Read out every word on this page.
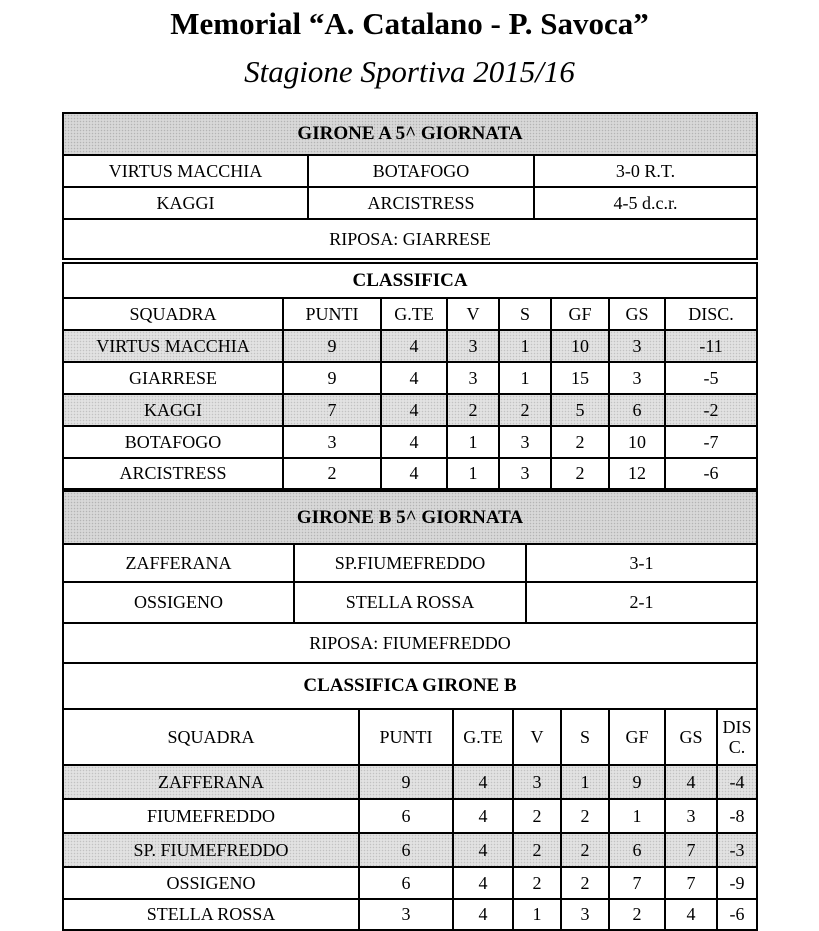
Memorial “A. Catalano - P. Savoca”
Stagione Sportiva 2015/16
GIRONE A 5^ GIORNATA		
VIRTUS MACCHIA	BOTAFOGO	3-0 R.T.
KAGGI	ARCISTRESS	4-5 d.c.r.
RIPOSA: GIARRESE		
CLASSIFICA							
SQUADRA	PUNTI	G.TE	V	S	GF	GS	DISC.
VIRTUS MACCHIA	9	4	3	1	10	3	-11
GIARRESE	9	4	3	1	15	3	-5
KAGGI	7	4	2	2	5	6	-2
BOTAFOGO	3	4	1	3	2	10	-7
ARCISTRESS	2	4	1	3	2	12	-6
GIRONE B 5^ GIORNATA		
ZAFFERANA	SP.FIUMEFREDDO	3-1
OSSIGENO	STELLA ROSSA	2-1
RIPOSA: FIUMEFREDDO		
CLASSIFICA GIRONE B							
SQUADRA	PUNTI	G.TE	V	S	GF	GS	DIS C.
ZAFFERANA	9	4	3	1	9	4	-4
FIUMEFREDDO	6	4	2	2	1	3	-8
SP. FIUMEFREDDO	6	4	2	2	6	7	-3
OSSIGENO	6	4	2	2	7	7	-9
STELLA ROSSA	3	4	1	3	2	4	-6
